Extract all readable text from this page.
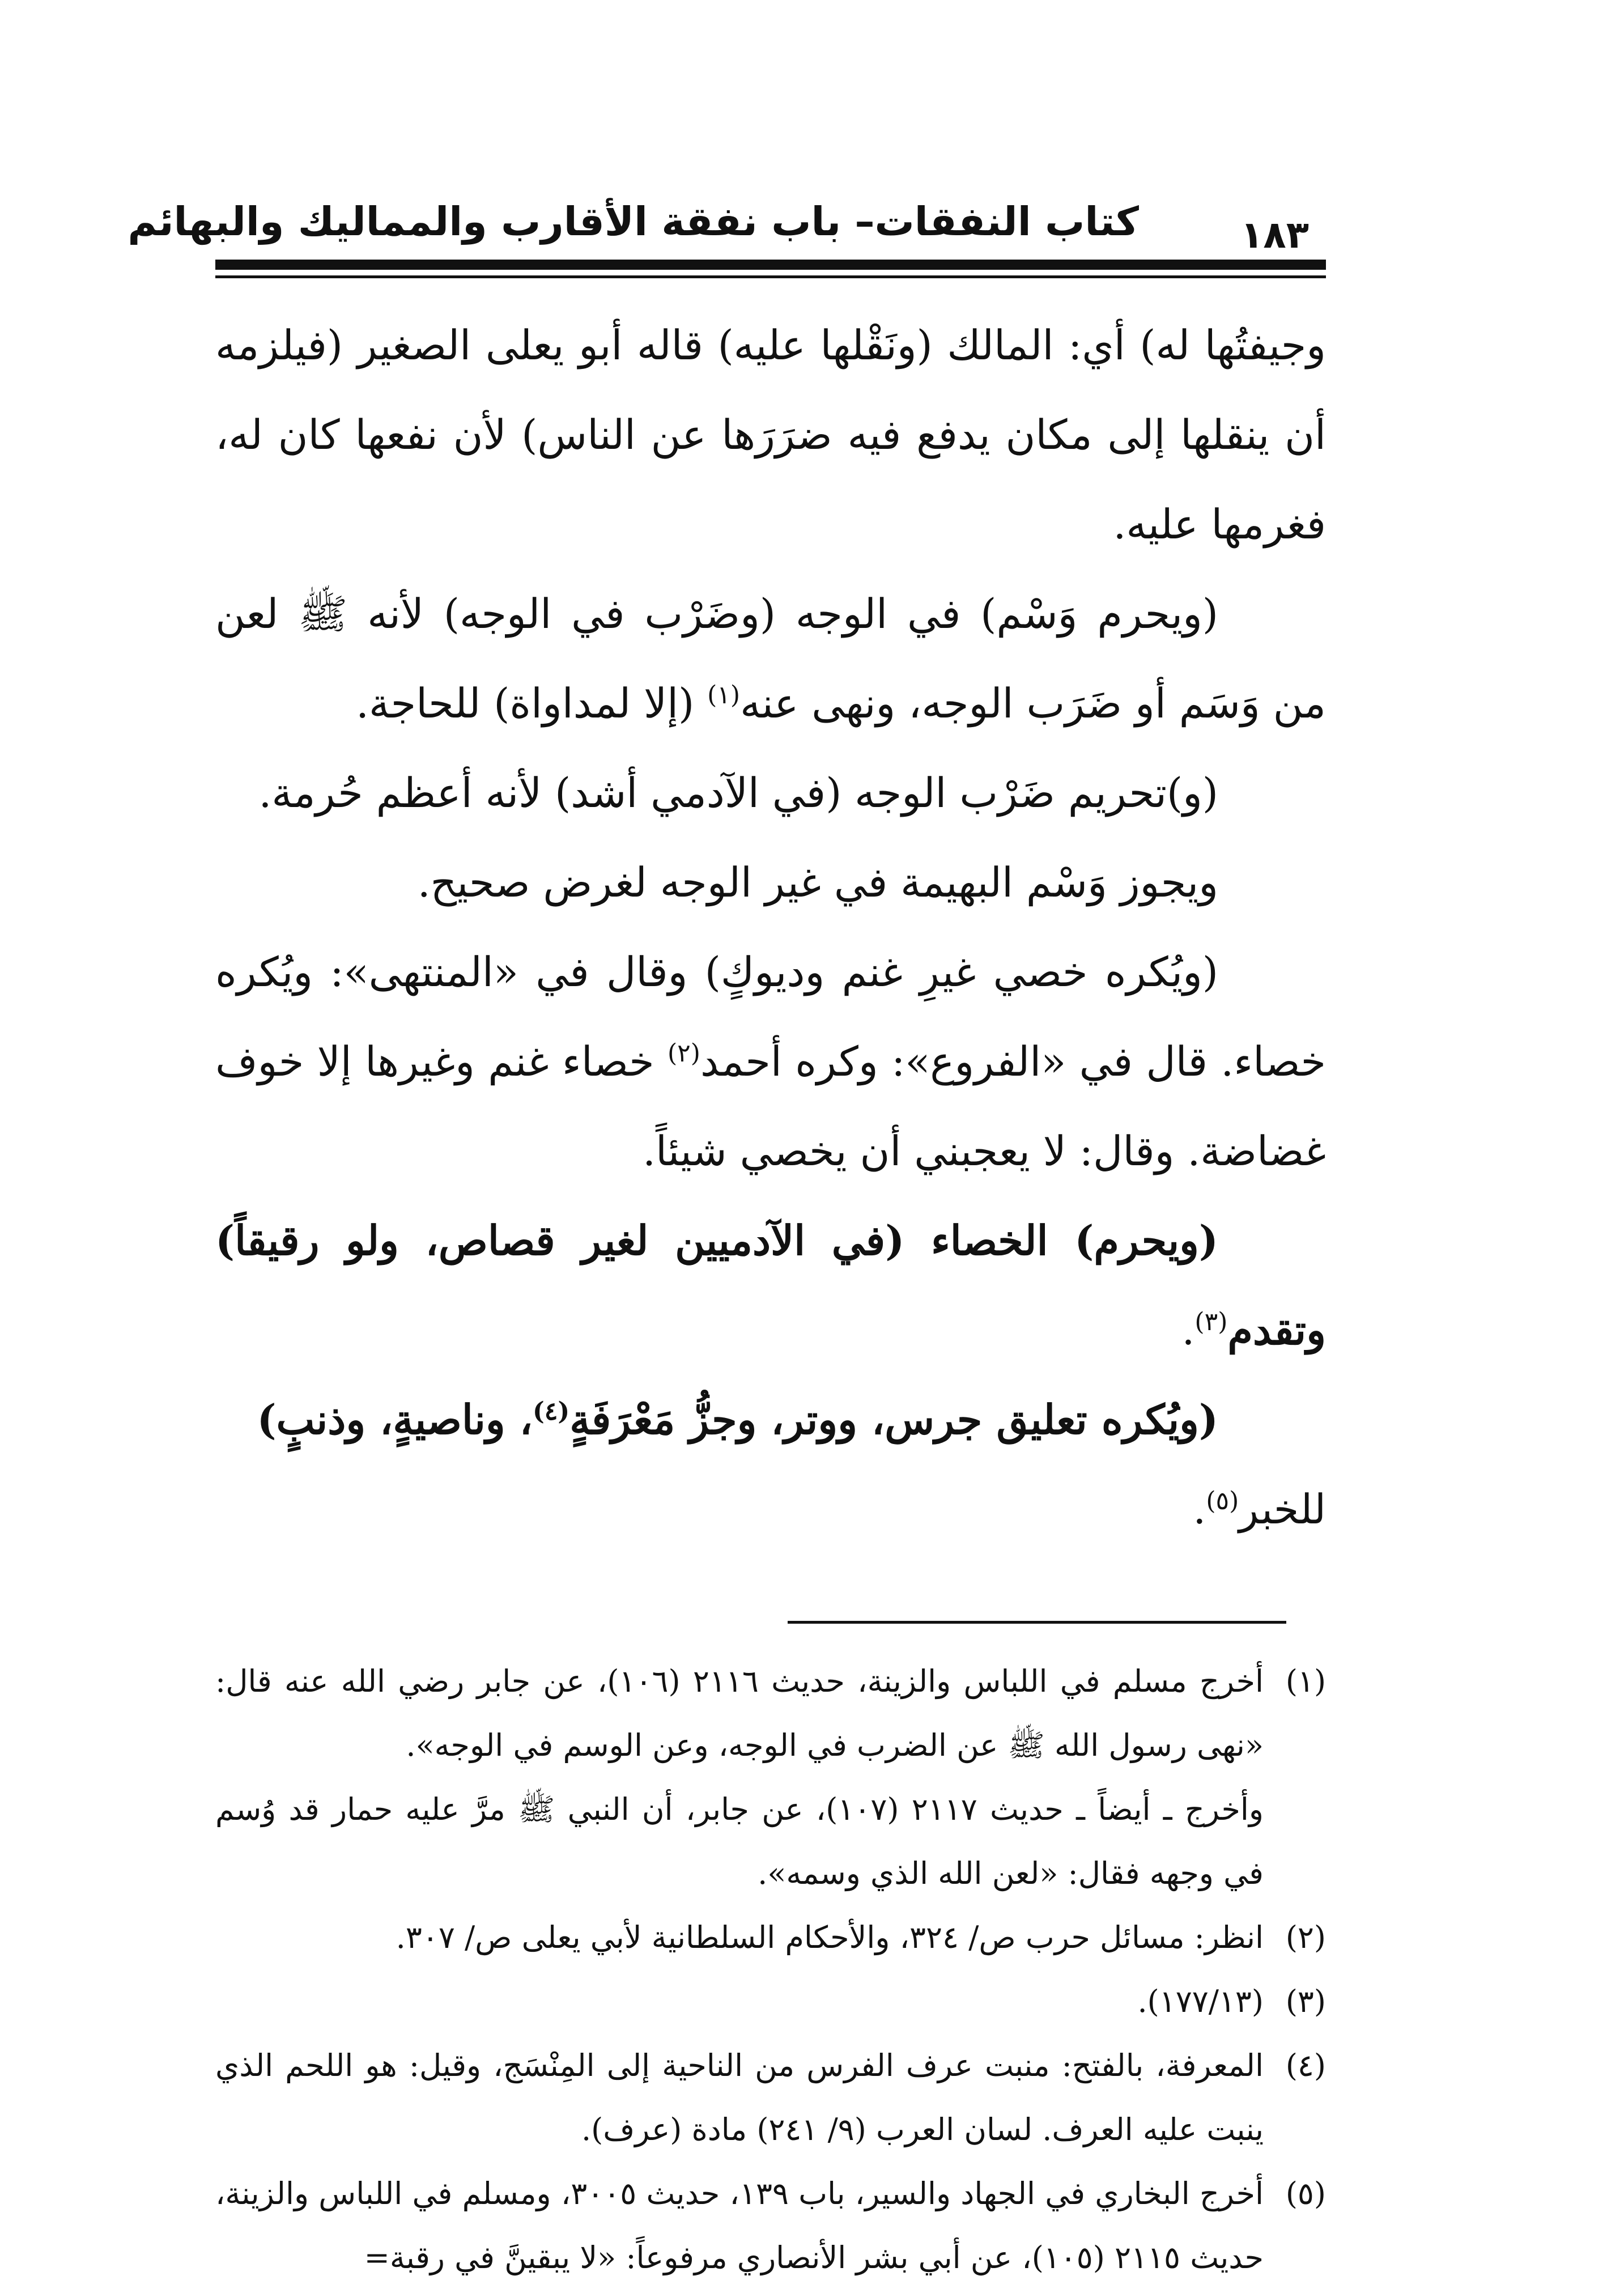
كتاب النفقات– باب نفقة الأقارب والمماليك والبهائم	١٨٣

وجيفتُها له) أي: المالك (ونَقْلها عليه) قاله أبو يعلى الصغير (فيلزمه أن ينقلها إلى مكان يدفع فيه ضرَرَها عن الناس) لأن نفعها كان له، فغرمها عليه.

(ويحرم وَسْم) في الوجه (وضَرْب في الوجه) لأنه ﷺ لعن من وَسَم أو ضَرَب الوجه، ونهى عنه$^{(١)}$ (إلا لمداواة) للحاجة.

(و)تحريم ضَرْب الوجه (في الآدمي أشد) لأنه أعظم حُرمة.

ويجوز وَسْم البهيمة في غير الوجه لغرض صحيح.

(ويُكره خصي غيرِ غنم وديوكٍ) وقال في «المنتهى»: ويُكره خصاء. قال في «الفروع»: وكره أحمد$^{(٢)}$ خصاء غنم وغيرها إلا خوف غضاضة. وقال: لا يعجبني أن يخصي شيئاً.

(ويحرم) الخصاء (في الآدميين لغير قصاص، ولو رقيقاً) وتقدم$^{(٣)}$.

(ويُكره تعليق جرس، ووتر، وجزُّ مَعْرَفَةٍ$^{(٤)}$، وناصيةٍ، وذنبٍ)

للخبر$^{(٥)}$.

(١)أخرج مسلم في اللباس والزينة، حديث ٢١١٦ (١٠٦)، عن جابر رضي الله عنه قال: «نهى رسول الله ﷺ عن الضرب في الوجه، وعن الوسم في الوجه».

وأخرج ـ أيضاً ـ حديث ٢١١٧ (١٠٧)، عن جابر، أن النبي ﷺ مرَّ عليه حمار قد وُسم في وجهه فقال: «لعن الله الذي وسمه».

(٢)انظر: مسائل حرب ص/ ٣٢٤، والأحكام السلطانية لأبي يعلى ص/ ٣٠٧.

(٣)(١٧٧/١٣).

(٤)المعرفة، بالفتح: منبت عرف الفرس من الناحية إلى المِنْسَج، وقيل: هو اللحم الذي ينبت عليه العرف. لسان العرب (٩/ ٢٤١) مادة (عرف).

(٥)أخرج البخاري في الجهاد والسير، باب ١٣٩، حديث ٣٠٠٥، ومسلم في اللباس والزينة، حديث ٢١١٥ (١٠٥)، عن أبي بشر الأنصاري مرفوعاً: «لا يبقينَّ في رقبة=
